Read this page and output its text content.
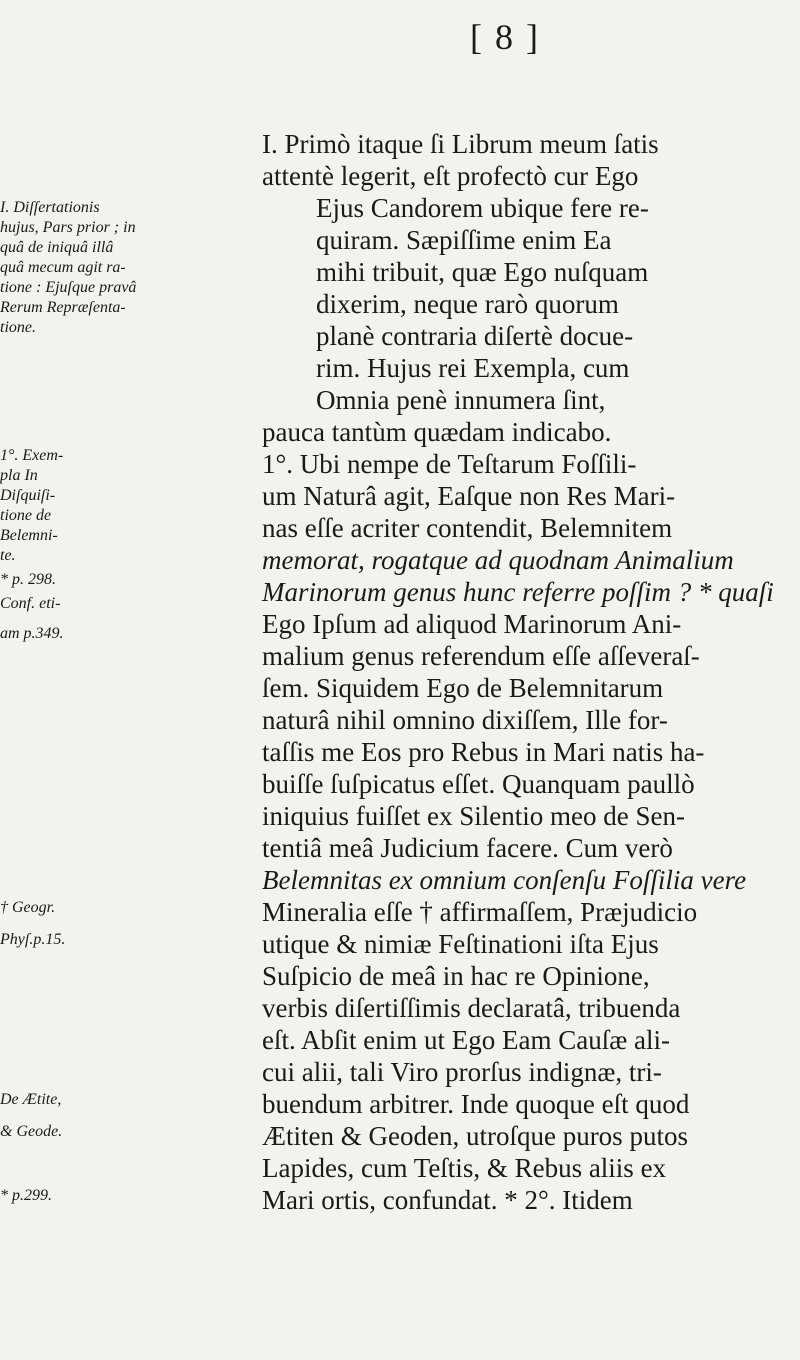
[ 8 ]
I. Primò itaque ſi Librum meum ſatis
attentè legerit, eſt profectò cur Ego
Ejus Candorem ubique fere re-
quiram. Sæpiſſime enim Ea
mihi tribuit, quæ Ego nuſquam
dixerim, neque rarò quorum
planè contraria diſertè docue-
rim. Hujus rei Exempla, cum
Omnia penè innumera ſint,
pauca tantùm quædam indicabo.
1°. Ubi nempe de Teſtarum Foſſili-
um Naturâ agit, Eaſque non Res Mari-
nas eſſe acriter contendit, Belemnitem
memorat, rogatque ad quodnam Animalium
Marinorum genus hunc referre poſſim ? * quaſi
Ego Ipſum ad aliquod Marinorum Ani-
malium genus referendum eſſe aſſeveraſ-
ſem. Siquidem Ego de Belemnitarum
naturâ nihil omnino dixiſſem, Ille for-
taſſis me Eos pro Rebus in Mari natis ha-
buiſſe ſuſpicatus eſſet. Quanquam paullò
iniquius fuiſſet ex Silentio meo de Sen-
tentiâ meâ Judicium facere. Cum verò
Belemnitas ex omnium conſenſu Foſſilia vere
Mineralia eſſe † affirmaſſem, Præjudicio
utique & nimiæ Feſtinationi iſta Ejus
Suſpicio de meâ in hac re Opinione,
verbis diſertiſſimis declaratâ, tribuenda
eſt. Abſit enim ut Ego Eam Cauſæ ali-
cui alii, tali Viro prorſus indignæ, tri-
buendum arbitrer. Inde quoque eſt quod
Ætiten & Geoden, utroſque puros putos
Lapides, cum Teſtis, & Rebus aliis ex
Mari ortis, confundat. * 2°. Itidem
I. Diſſertationis
hujus, Pars prior ; in
quâ de iniquâ illâ
quâ mecum agit ra-
tione : Ejuſque pravâ
Rerum Repræſenta-
tione.
1°. Exem-
pla In
Diſquiſi-
tione de
Belemni-
te.
* p. 298.
Conf. eti-
am p.349.
† Geogr.
Phyſ.p.15.
De Ætite,
& Geode.
* p.299.
